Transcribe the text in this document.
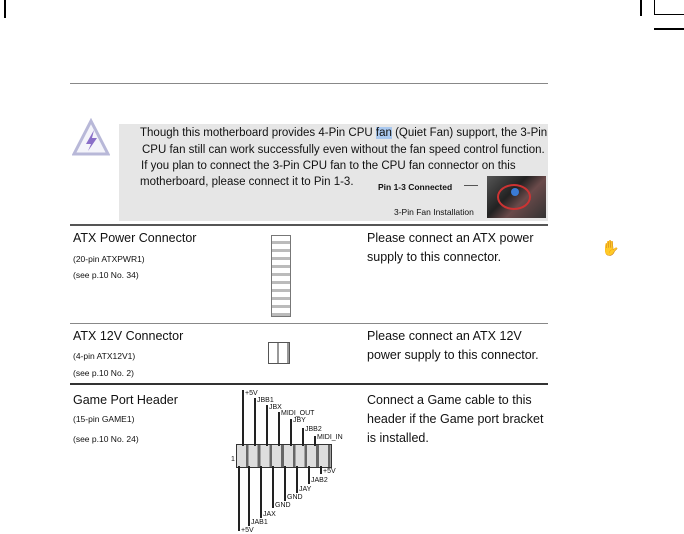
Though this motherboard provides 4-Pin CPU fan (Quiet Fan) support, the 3-Pin
CPU fan still can work successfully even without the fan speed control function.
If you plan to connect the 3-Pin CPU fan to the CPU fan connector on this
motherboard, please connect it to Pin 1-3.	Pin 1-3 Connected
3-Pin Fan Installation
ATX Power Connector
(20-pin ATXPWR1)
(see p.10 No. 34)
Please connect an ATX power
supply to this connector.
ATX 12V Connector
(4-pin ATX12V1)
(see p.10 No. 2)
Please connect an ATX 12V
power supply to this connector.
Game Port Header
(15-pin GAME1)
(see p.10 No. 24)
Connect a Game cable to this
header if the Game port bracket
is installed.
1
+5V
JBB1
JBX
MIDI_OUT
JBY
JBB2
MIDI_IN
+5V
JAB2
JAY
GND
GND
JAX
JAB1
+5V
✋
